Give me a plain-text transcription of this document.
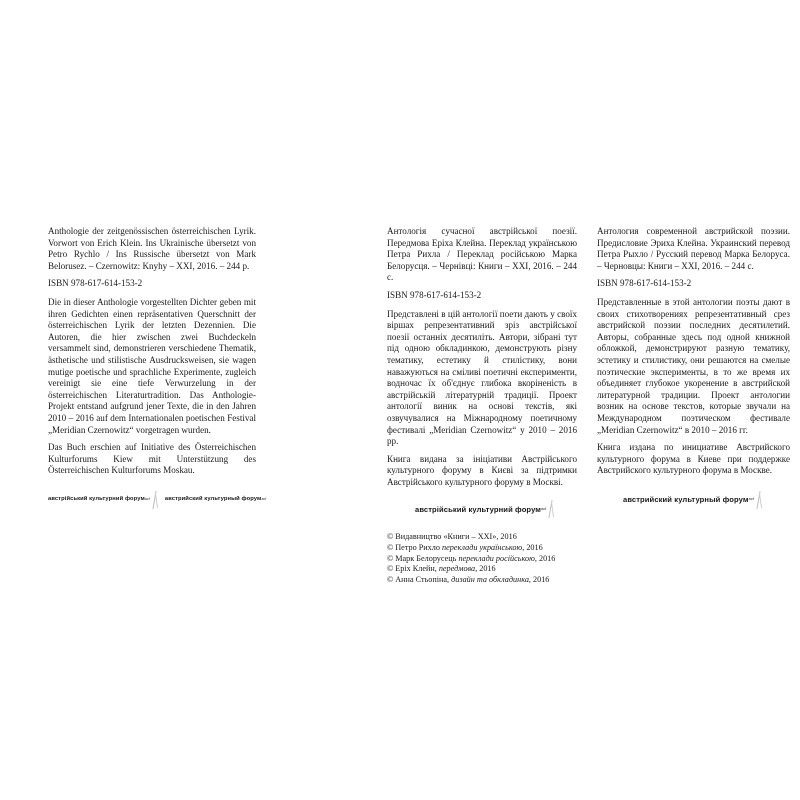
Anthologie der zeitgenössischen österreichischen Lyrik. Vorwort von Erich Klein. Ins Ukrainische übersetzt von Petro Rychlo / Ins Russische übersetzt von Mark Belorusez. – Czernowitz: Knyhy – XXI, 2016. – 244 p.

ISBN 978-617-614-153-2

Die in dieser Anthologie vorgestellten Dichter geben mit ihren Gedichten einen repräsentativen Querschnitt der österreichischen Lyrik der letzten Dezennien. Die Autoren, die hier zwischen zwei Buchdeckeln versammelt sind, demonstrieren verschiedene Thematik, ästhetische und stilistische Ausdrucksweisen, sie wagen mutige poetische und sprachliche Experimente, zugleich vereinigt sie eine tiefe Verwurzelung in der österreichischen Literaturtradition. Das Anthologie-Projekt entstand aufgrund jener Texte, die in den Jahren 2010 – 2016 auf dem Internationalen poetischen Festival „Meridian Czernowitz“ vorgetragen wurden.

Das Buch erschien auf Initiative des Österreichischen Kulturforums Kiew mit Unterstützung des Österreichischen Kulturforums Moskau.

австрійський культурний форум acf	австрийский культурный форум acf

Антологія сучасної австрійської поезії. Передмова Еріха Клейна. Переклад українською Петра Рихла / Переклад російською Марка Белорусця. – Чернівці: Книги – XXI, 2016. – 244 с.

ISBN 978-617-614-153-2

Представлені в цій антології поети дають у своїх віршах репрезентативний зріз австрійської поезії останніх десятиліть. Автори, зібрані тут під одною обкладинкою, демонструють різну тематику, естетику й стилістику, вони наважуються на сміливі поетичні експерименти, водночас їх об'єднує глибока вкоріненість в австрійській літературній традиції. Проект антології виник на основі текстів, які озвучувалися на Міжнародному поетичному фестивалі „Meridian Czernowitz“ у 2010 – 2016 рр.

Книга видана за ініціативи Австрійського культурного форуму в Києві за підтримки Австрійського культурного форуму в Москві.

австрійський культурний форум acf
© Видавництво «Книги – XXI», 2016
© Петро Рихло переклади українською, 2016
© Марк Белорусець переклади російською, 2016
© Еріх Клейн, передмова, 2016
© Анна Стьопіна, дизайн та обкладинка, 2016

Антология современной австрийской поэзии. Предисловие Эриха Клейна. Украинский перевод Петра Рыхло / Русский перевод Марка Белоруса. – Черновцы: Книги – XXI, 2016. – 244 с.

ISBN 978-617-614-153-2

Представленные в этой антологии поэты дают в своих стихотворениях репрезентативный срез австрийской поэзии последних десятилетий. Авторы, собранные здесь под одной книжной обложкой, демонстрируют разную тематику, эстетику и стилистику, они решаются на смелые поэтические эксперименты, в то же время их объединяет глубокое укоренение в австрийской литературной традиции. Проект антологии возник на основе текстов, которые звучали на Международном поэтическом фестивале „Meridian Czernowitz“ в 2010 – 2016 гг.

Книга издана по инициативе Австрийского культурного форума в Киеве при поддержке Австрийского культурного форума в Москве.

австрийский культурный форум acf
